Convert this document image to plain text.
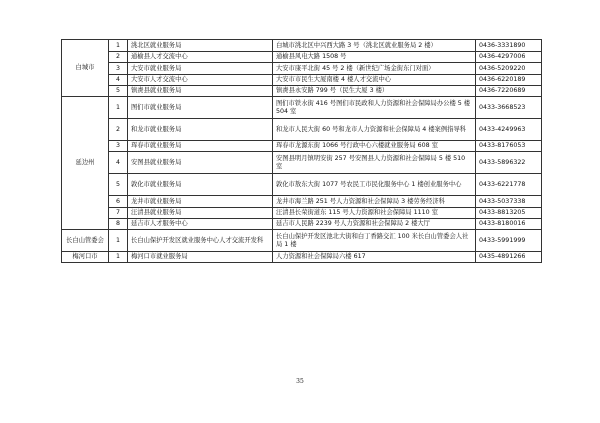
白城市	1	洮北区就业服务局	白城市洮北区中兴西大路 3 号（洮北区就业服务局 2 楼）	0436-3331890
	2	通榆县人才交流中心	通榆县风电大路 1508 号	0436-4297006
	3	大安市就业服务局	大安市康平北街 45 号 2 楼（新世纪广场金街东门对面）	0436-5209220
	4	大安市人才交流中心	大安市市民生大厦南楼 4 楼人才交流中心	0436-6220189
	5	镇赉县就业服务局	镇赉县永安路 799 号（民生大厦 3 楼）	0436-7220689
延边州	1	图们市就业服务局	图们市铁水街 416 号图们市民政和人力资源和社会保障局办公楼 5 楼 504 室	0433-3668523
	2	和龙市就业服务局	和龙市人民大街 60 号和龙市人力资源和社会保障局 4 楼案例指导科	0433-4249963
	3	珲春市就业服务局	珲春市龙源东街 1066 号行政中心六楼就业服务局 608 室	0433-8176053
	4	安图县就业服务局	安图县明月镇明安街 257 号安图县人力资源和社会保障局 5 楼 510 室	0433-5896322
	5	敦化市就业服务局	敦化市敖东大街 1077 号农民工市民化服务中心 1 楼创业服务中心	0433-6221778
	6	龙井市就业服务局	龙井市海兰路 251 号人力资源和社会保障局 3 楼劳务经济科	0433-5037338
	7	汪清县就业服务局	汪清县长荣街道东 115 号人力资源和社会保障局 1110 室	0433-8813205
	8	延吉市人才服务中心	延吉市人民路 2239 号人力资源和社会保障局 2 楼大厅	0433-8180016
长白山管委会	1	长白山保护开发区就业服务中心人才交流开发科	长白山保护开发区池北大街和白丁香路交汇 100 米长白山管委会人社局 1 楼	0433-5991999
梅河口市	1	梅河口市就业服务局	人力资源和社会保障局六楼 617	0435-4891266
35
